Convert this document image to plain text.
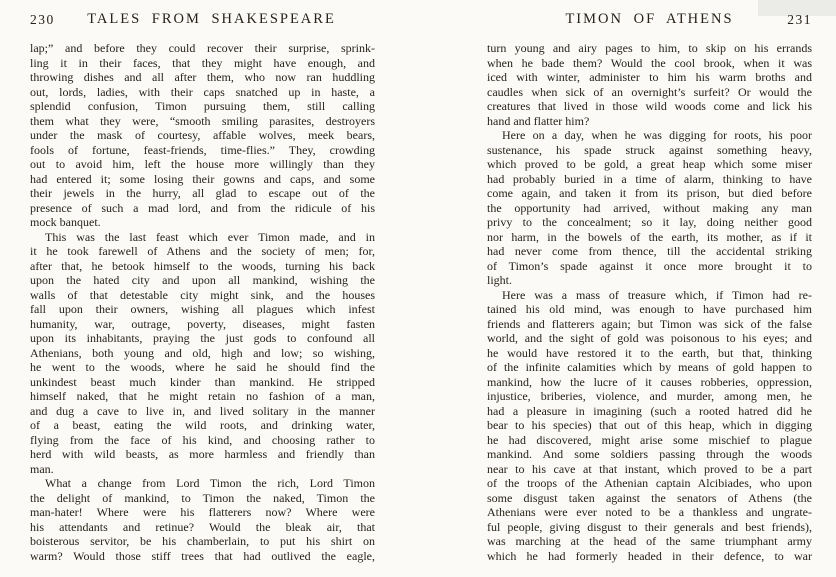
230	TALES FROM SHAKESPEARE
lap;” and before they could recover their surprise, sprink-
ling it in their faces, that they might have enough, and
throwing dishes and all after them, who now ran huddling
out, lords, ladies, with their caps snatched up in haste, a
splendid confusion, Timon pursuing them, still calling
them what they were, “smooth smiling parasites, destroyers
under the mask of courtesy, affable wolves, meek bears,
fools of fortune, feast-friends, time-flies.” They, crowding
out to avoid him, left the house more willingly than they
had entered it; some losing their gowns and caps, and some
their jewels in the hurry, all glad to escape out of the
presence of such a mad lord, and from the ridicule of his
mock banquet.
This was the last feast which ever Timon made, and in
it he took farewell of Athens and the society of men; for,
after that, he betook himself to the woods, turning his back
upon the hated city and upon all mankind, wishing the
walls of that detestable city might sink, and the houses
fall upon their owners, wishing all plagues which infest
humanity, war, outrage, poverty, diseases, might fasten
upon its inhabitants, praying the just gods to confound all
Athenians, both young and old, high and low; so wishing,
he went to the woods, where he said he should find the
unkindest beast much kinder than mankind. He stripped
himself naked, that he might retain no fashion of a man,
and dug a cave to live in, and lived solitary in the manner
of a beast, eating the wild roots, and drinking water,
flying from the face of his kind, and choosing rather to
herd with wild beasts, as more harmless and friendly than
man.
What a change from Lord Timon the rich, Lord Timon
the delight of mankind, to Timon the naked, Timon the
man-hater! Where were his flatterers now? Where were
his attendants and retinue? Would the bleak air, that
boisterous servitor, be his chamberlain, to put his shirt on
warm? Would those stiff trees that had outlived the eagle,
TIMON OF ATHENS	231
turn young and airy pages to him, to skip on his errands
when he bade them? Would the cool brook, when it was
iced with winter, administer to him his warm broths and
caudles when sick of an overnight’s surfeit? Or would the
creatures that lived in those wild woods come and lick his
hand and flatter him?
Here on a day, when he was digging for roots, his poor
sustenance, his spade struck against something heavy,
which proved to be gold, a great heap which some miser
had probably buried in a time of alarm, thinking to have
come again, and taken it from its prison, but died before
the opportunity had arrived, without making any man
privy to the concealment; so it lay, doing neither good
nor harm, in the bowels of the earth, its mother, as if it
had never come from thence, till the accidental striking
of Timon’s spade against it once more brought it to
light.
Here was a mass of treasure which, if Timon had re-
tained his old mind, was enough to have purchased him
friends and flatterers again; but Timon was sick of the false
world, and the sight of gold was poisonous to his eyes; and
he would have restored it to the earth, but that, thinking
of the infinite calamities which by means of gold happen to
mankind, how the lucre of it causes robberies, oppression,
injustice, briberies, violence, and murder, among men, he
had a pleasure in imagining (such a rooted hatred did he
bear to his species) that out of this heap, which in digging
he had discovered, might arise some mischief to plague
mankind. And some soldiers passing through the woods
near to his cave at that instant, which proved to be a part
of the troops of the Athenian captain Alcibiades, who upon
some disgust taken against the senators of Athens (the
Athenians were ever noted to be a thankless and ungrate-
ful people, giving disgust to their generals and best friends),
was marching at the head of the same triumphant army
which he had formerly headed in their defence, to war
